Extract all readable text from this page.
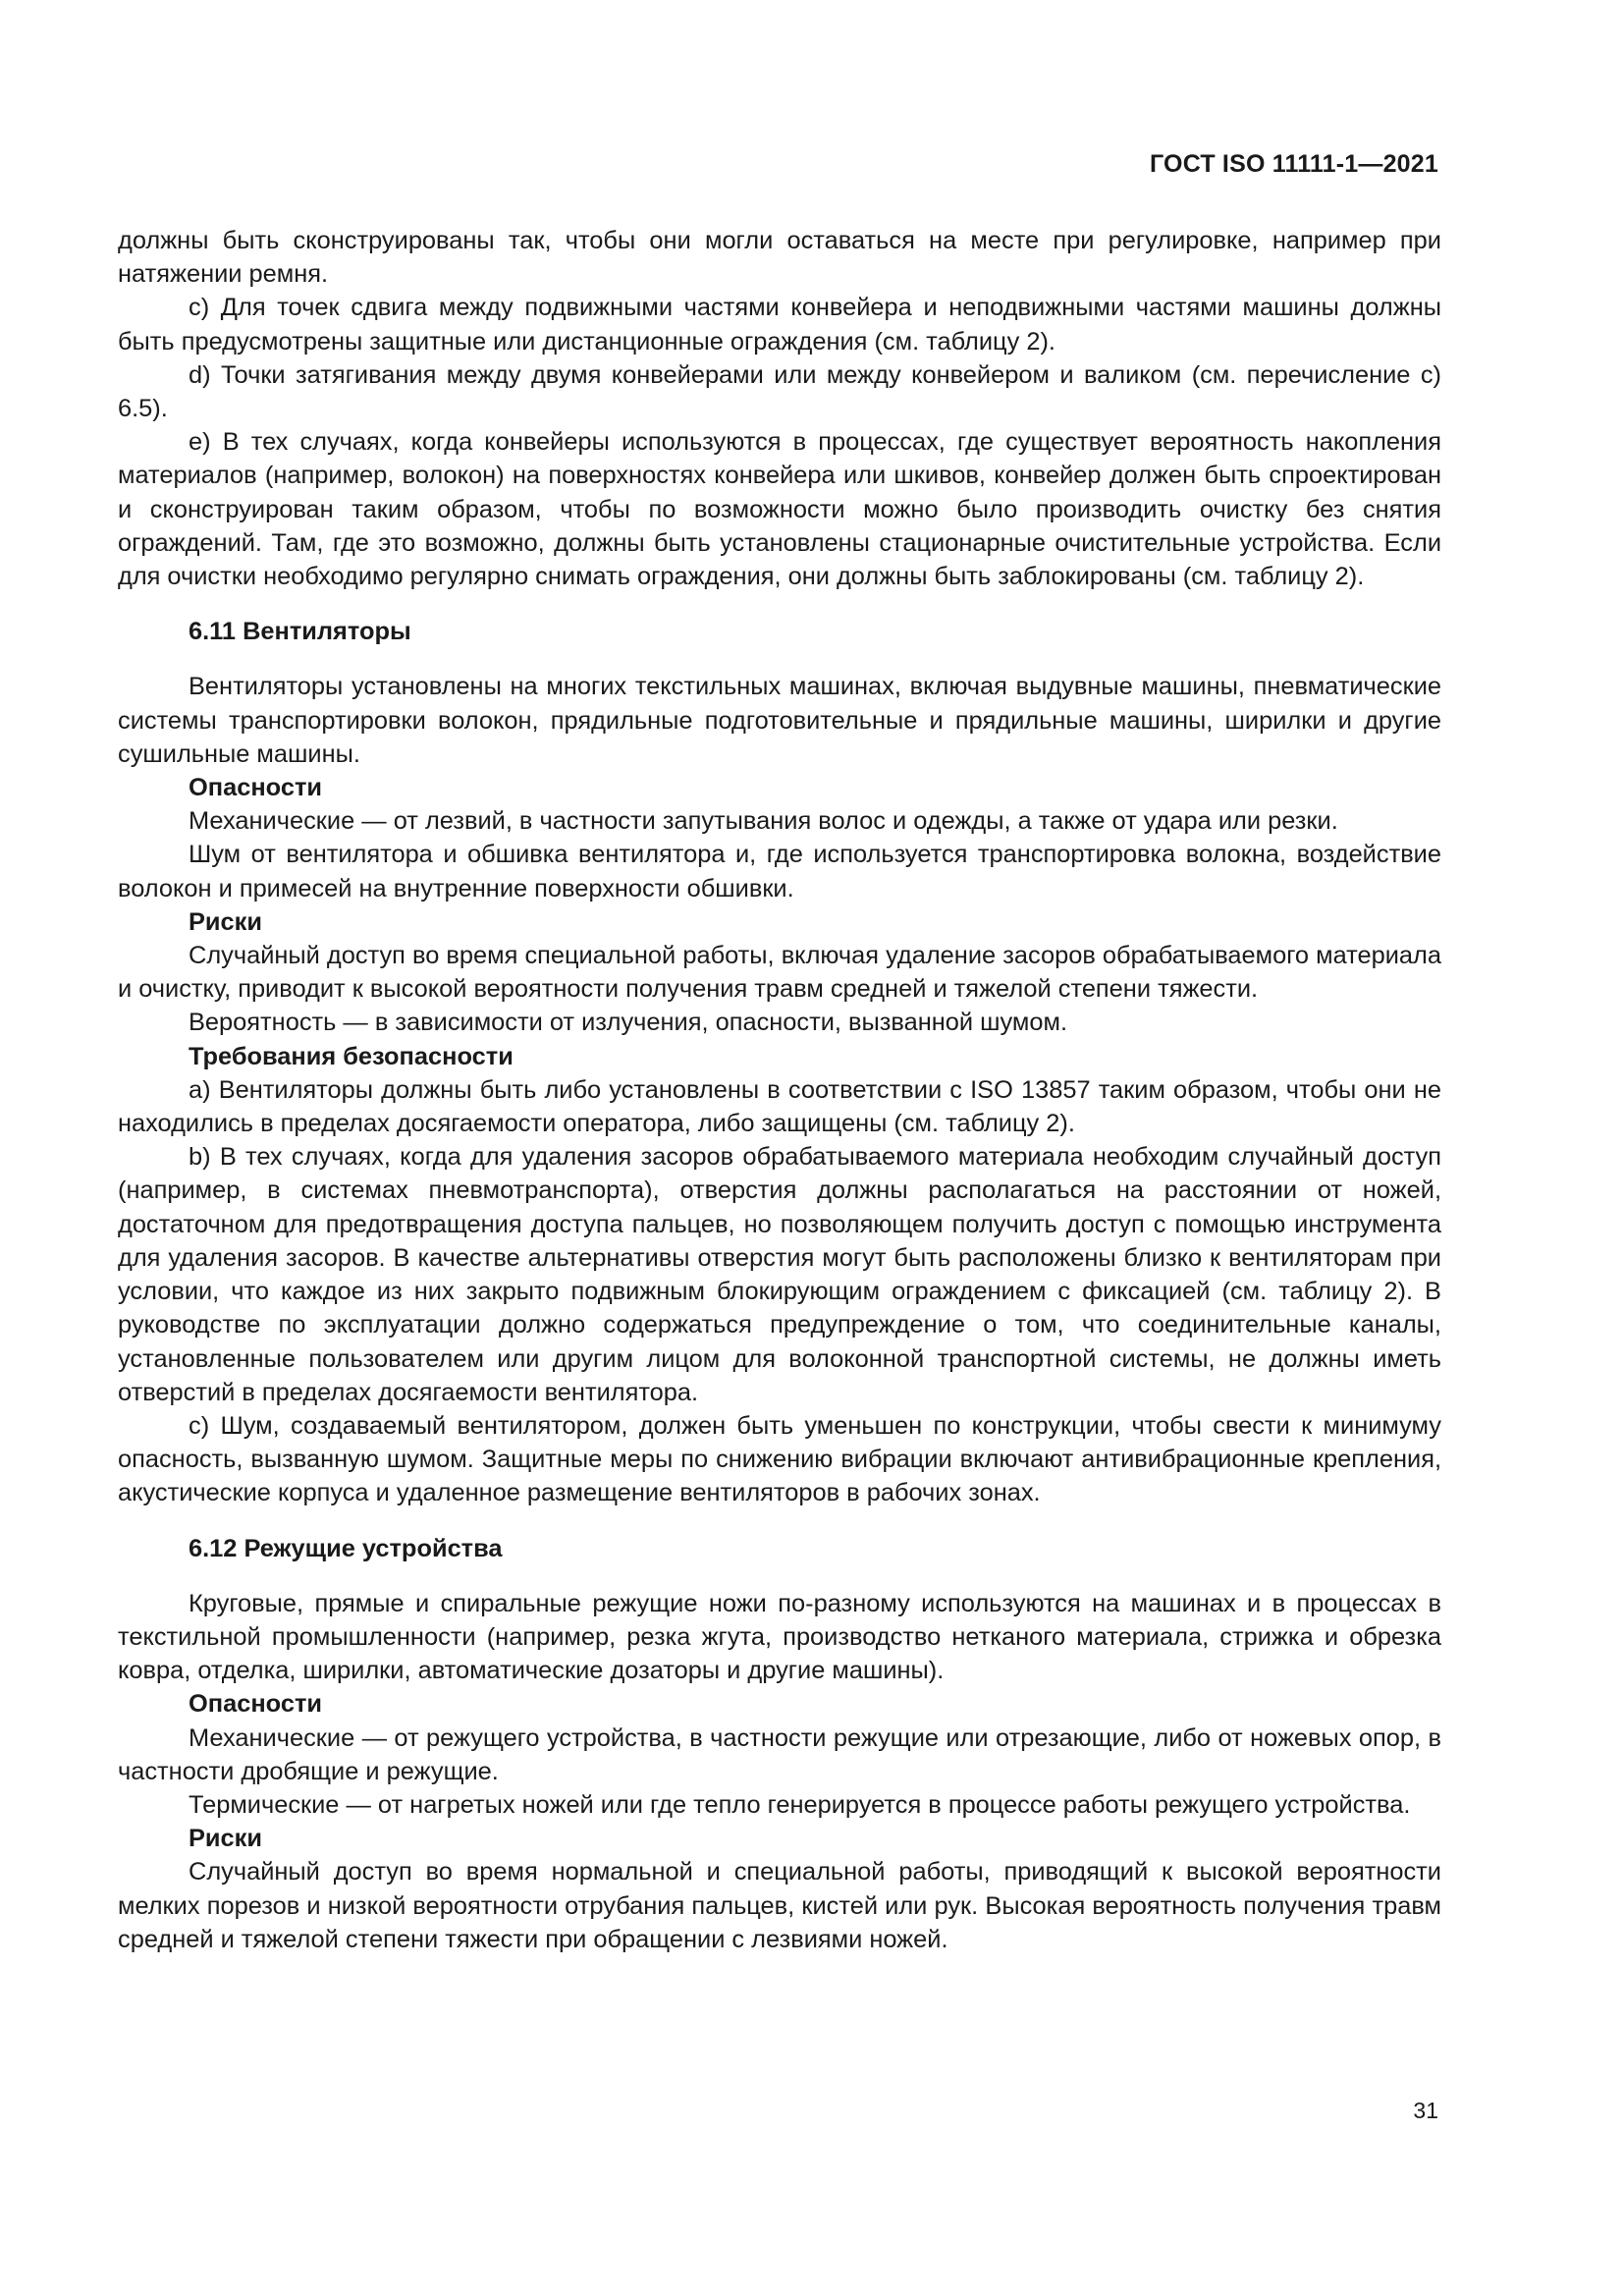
ГОСТ ISO 11111-1—2021

должны быть сконструированы так, чтобы они могли оставаться на месте при регулировке, например при натяжении ремня.

с) Для точек сдвига между подвижными частями конвейера и неподвижными частями машины должны быть предусмотрены защитные или дистанционные ограждения (см. таблицу 2).

d) Точки затягивания между двумя конвейерами или между конвейером и валиком (см. перечисление с) 6.5).

e) В тех случаях, когда конвейеры используются в процессах, где существует вероятность накопления материалов (например, волокон) на поверхностях конвейера или шкивов, конвейер должен быть спроектирован и сконструирован таким образом, чтобы по возможности можно было производить очистку без снятия ограждений. Там, где это возможно, должны быть установлены стационарные очистительные устройства. Если для очистки необходимо регулярно снимать ограждения, они должны быть заблокированы (см. таблицу 2).

6.11 Вентиляторы

Вентиляторы установлены на многих текстильных машинах, включая выдувные машины, пневматические системы транспортировки волокон, прядильные подготовительные и прядильные машины, ширилки и другие сушильные машины.

Опасности

Механические — от лезвий, в частности запутывания волос и одежды, а также от удара или резки.

Шум от вентилятора и обшивка вентилятора и, где используется транспортировка волокна, воздействие волокон и примесей на внутренние поверхности обшивки.

Риски

Случайный доступ во время специальной работы, включая удаление засоров обрабатываемого материала и очистку, приводит к высокой вероятности получения травм средней и тяжелой степени тяжести.

Вероятность — в зависимости от излучения, опасности, вызванной шумом.

Требования безопасности

a) Вентиляторы должны быть либо установлены в соответствии с ISO 13857 таким образом, чтобы они не находились в пределах досягаемости оператора, либо защищены (см. таблицу 2).

b) В тех случаях, когда для удаления засоров обрабатываемого материала необходим случайный доступ (например, в системах пневмотранспорта), отверстия должны располагаться на расстоянии от ножей, достаточном для предотвращения доступа пальцев, но позволяющем получить доступ с помощью инструмента для удаления засоров. В качестве альтернативы отверстия могут быть расположены близко к вентиляторам при условии, что каждое из них закрыто подвижным блокирующим ограждением с фиксацией (см. таблицу 2). В руководстве по эксплуатации должно содержаться предупреждение о том, что соединительные каналы, установленные пользователем или другим лицом для волоконной транспортной системы, не должны иметь отверстий в пределах досягаемости вентилятора.

c) Шум, создаваемый вентилятором, должен быть уменьшен по конструкции, чтобы свести к минимуму опасность, вызванную шумом. Защитные меры по снижению вибрации включают антивибрационные крепления, акустические корпуса и удаленное размещение вентиляторов в рабочих зонах.

6.12 Режущие устройства

Круговые, прямые и спиральные режущие ножи по-разному используются на машинах и в процессах в текстильной промышленности (например, резка жгута, производство нетканого материала, стрижка и обрезка ковра, отделка, ширилки, автоматические дозаторы и другие машины).

Опасности

Механические — от режущего устройства, в частности режущие или отрезающие, либо от ножевых опор, в частности дробящие и режущие.

Термические — от нагретых ножей или где тепло генерируется в процессе работы режущего устройства.

Риски

Случайный доступ во время нормальной и специальной работы, приводящий к высокой вероятности мелких порезов и низкой вероятности отрубания пальцев, кистей или рук. Высокая вероятность получения травм средней и тяжелой степени тяжести при обращении с лезвиями ножей.

31
